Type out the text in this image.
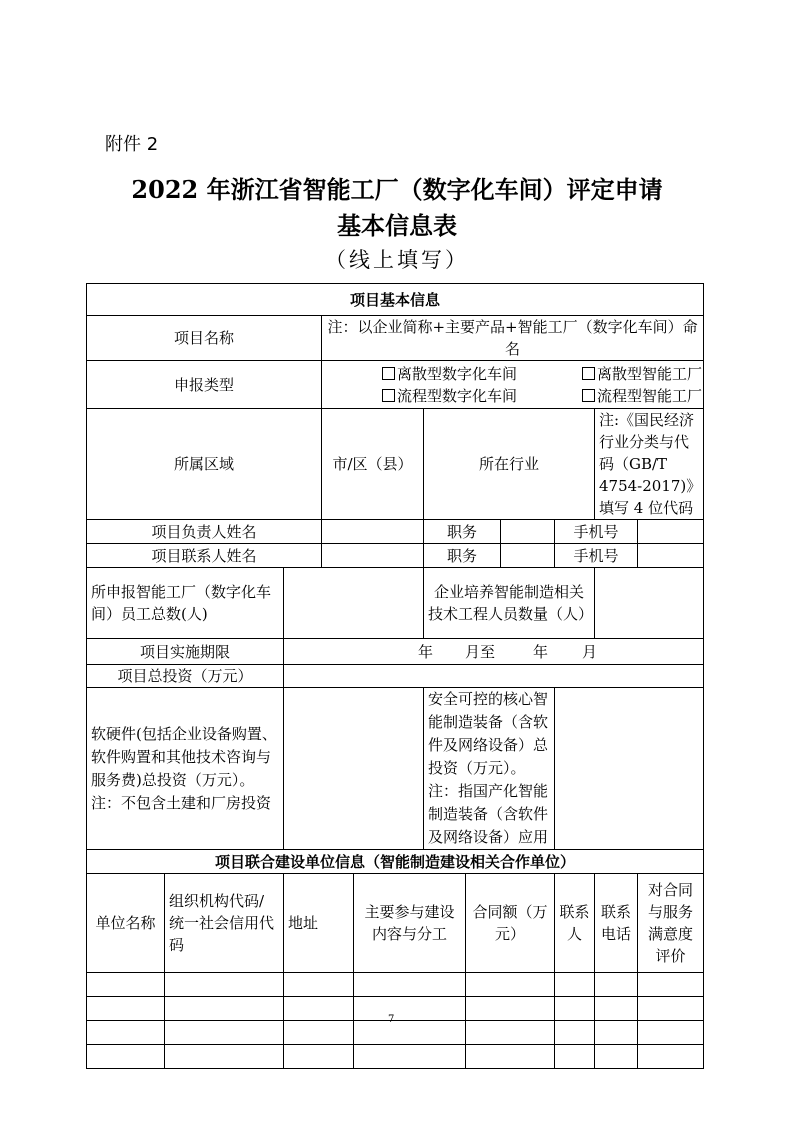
附件 2
2022 年浙江省智能工厂（数字化车间）评定申请
基本信息表
（线上填写）
项目基本信息										
项目名称			注：以企业简称+主要产品+智能工厂（数字化车间）命名							
申报类型			离散型数字化车间 离散型智能工厂
流程型数字化车间 流程型智能工厂							

所属区域			市/区（县）		所在行业				注:《国民经济行业分类与代码（GB/T 4754-2017)》填写 4 位代码	
项目负责人姓名					职务			手机号		
项目联系人姓名					职务			手机号		
所申报智能工厂（数字化车间）员工总数(人)					企业培养智能制造相关技术工程人员数量（人）					
项目实施期限		年 月至 年 月								

项目总投资（万元）										
软硬件(包括企业设备购置、软件购置和其他技术咨询与服务费)总投资（万元）。注：不包含土建和厂房投资					安全可控的核心智能制造装备（含软件及网络设备）总投资（万元）。注：指国产化智能制造装备（含软件及网络设备）应用					
项目联合建设单位信息（智能制造建设相关合作单位）										
单位名称	组织机构代码/统一社会信用代码	地址		主要参与建设内容与分工		合同额（万元）		联系人	联系电话	对合同与服务满意度评价

7
